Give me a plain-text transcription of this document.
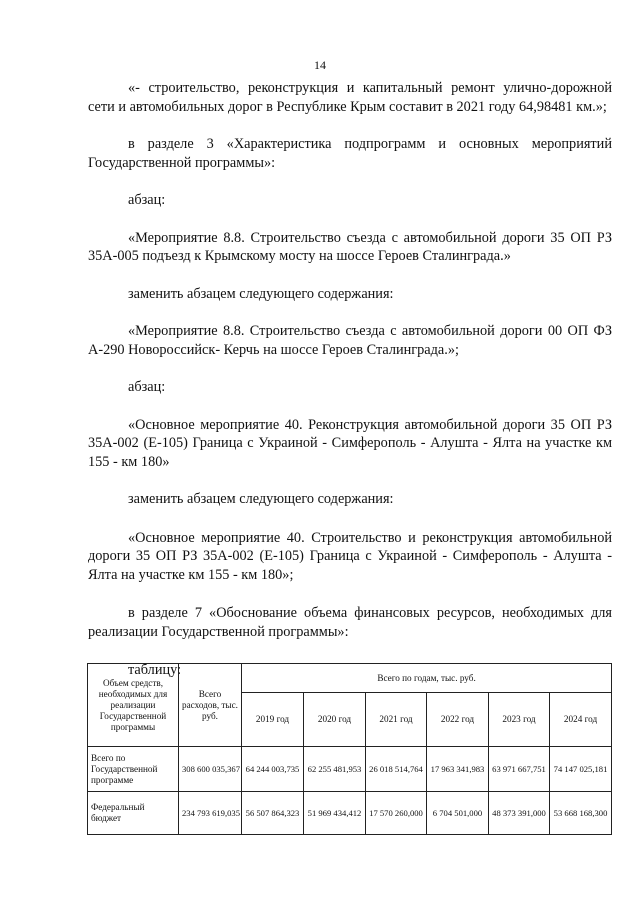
14

«- строительство, реконструкция и капитальный ремонт улично-дорожной сети и автомобильных дорог в Республике Крым составит в 2021 году 64,98481 км.»;

в разделе 3 «Характеристика подпрограмм и основных мероприятий Государственной программы»:

абзац:

«Мероприятие 8.8. Строительство съезда с автомобильной дороги 35 ОП РЗ 35А-005 подъезд к Крымскому мосту на шоссе Героев Сталинграда.»

заменить абзацем следующего содержания:

«Мероприятие 8.8. Строительство съезда с автомобильной дороги 00 ОП ФЗ А-290 Новороссийск- Керчь на шоссе Героев Сталинграда.»;

абзац:

«Основное мероприятие 40. Реконструкция автомобильной дороги 35 ОП РЗ 35А-002 (Е-105) Граница с Украиной - Симферополь - Алушта - Ялта на участке км 155 - км 180»

заменить абзацем следующего содержания:

«Основное мероприятие 40. Строительство и реконструкция автомобильной дороги 35 ОП РЗ 35А-002 (Е-105) Граница с Украиной - Симферополь - Алушта - Ялта на участке км 155 - км 180»;

в разделе 7 «Обоснование объема финансовых ресурсов, необходимых для реализации Государственной программы»:

таблицу:

Объем средств, необходимых для реализации Государственной программы	Всего расходов, тыс. руб.	Всего по годам, тыс. руб.					
		2019 год	2020 год	2021 год	2022 год	2023 год	2024 год
Всего по Государственной программе	308 600 035,367	64 244 003,735	62 255 481,953	26 018 514,764	17 963 341,983	63 971 667,751	74 147 025,181
Федеральный бюджет	234 793 619,035	56 507 864,323	51 969 434,412	17 570 260,000	6 704 501,000	48 373 391,000	53 668 168,300
